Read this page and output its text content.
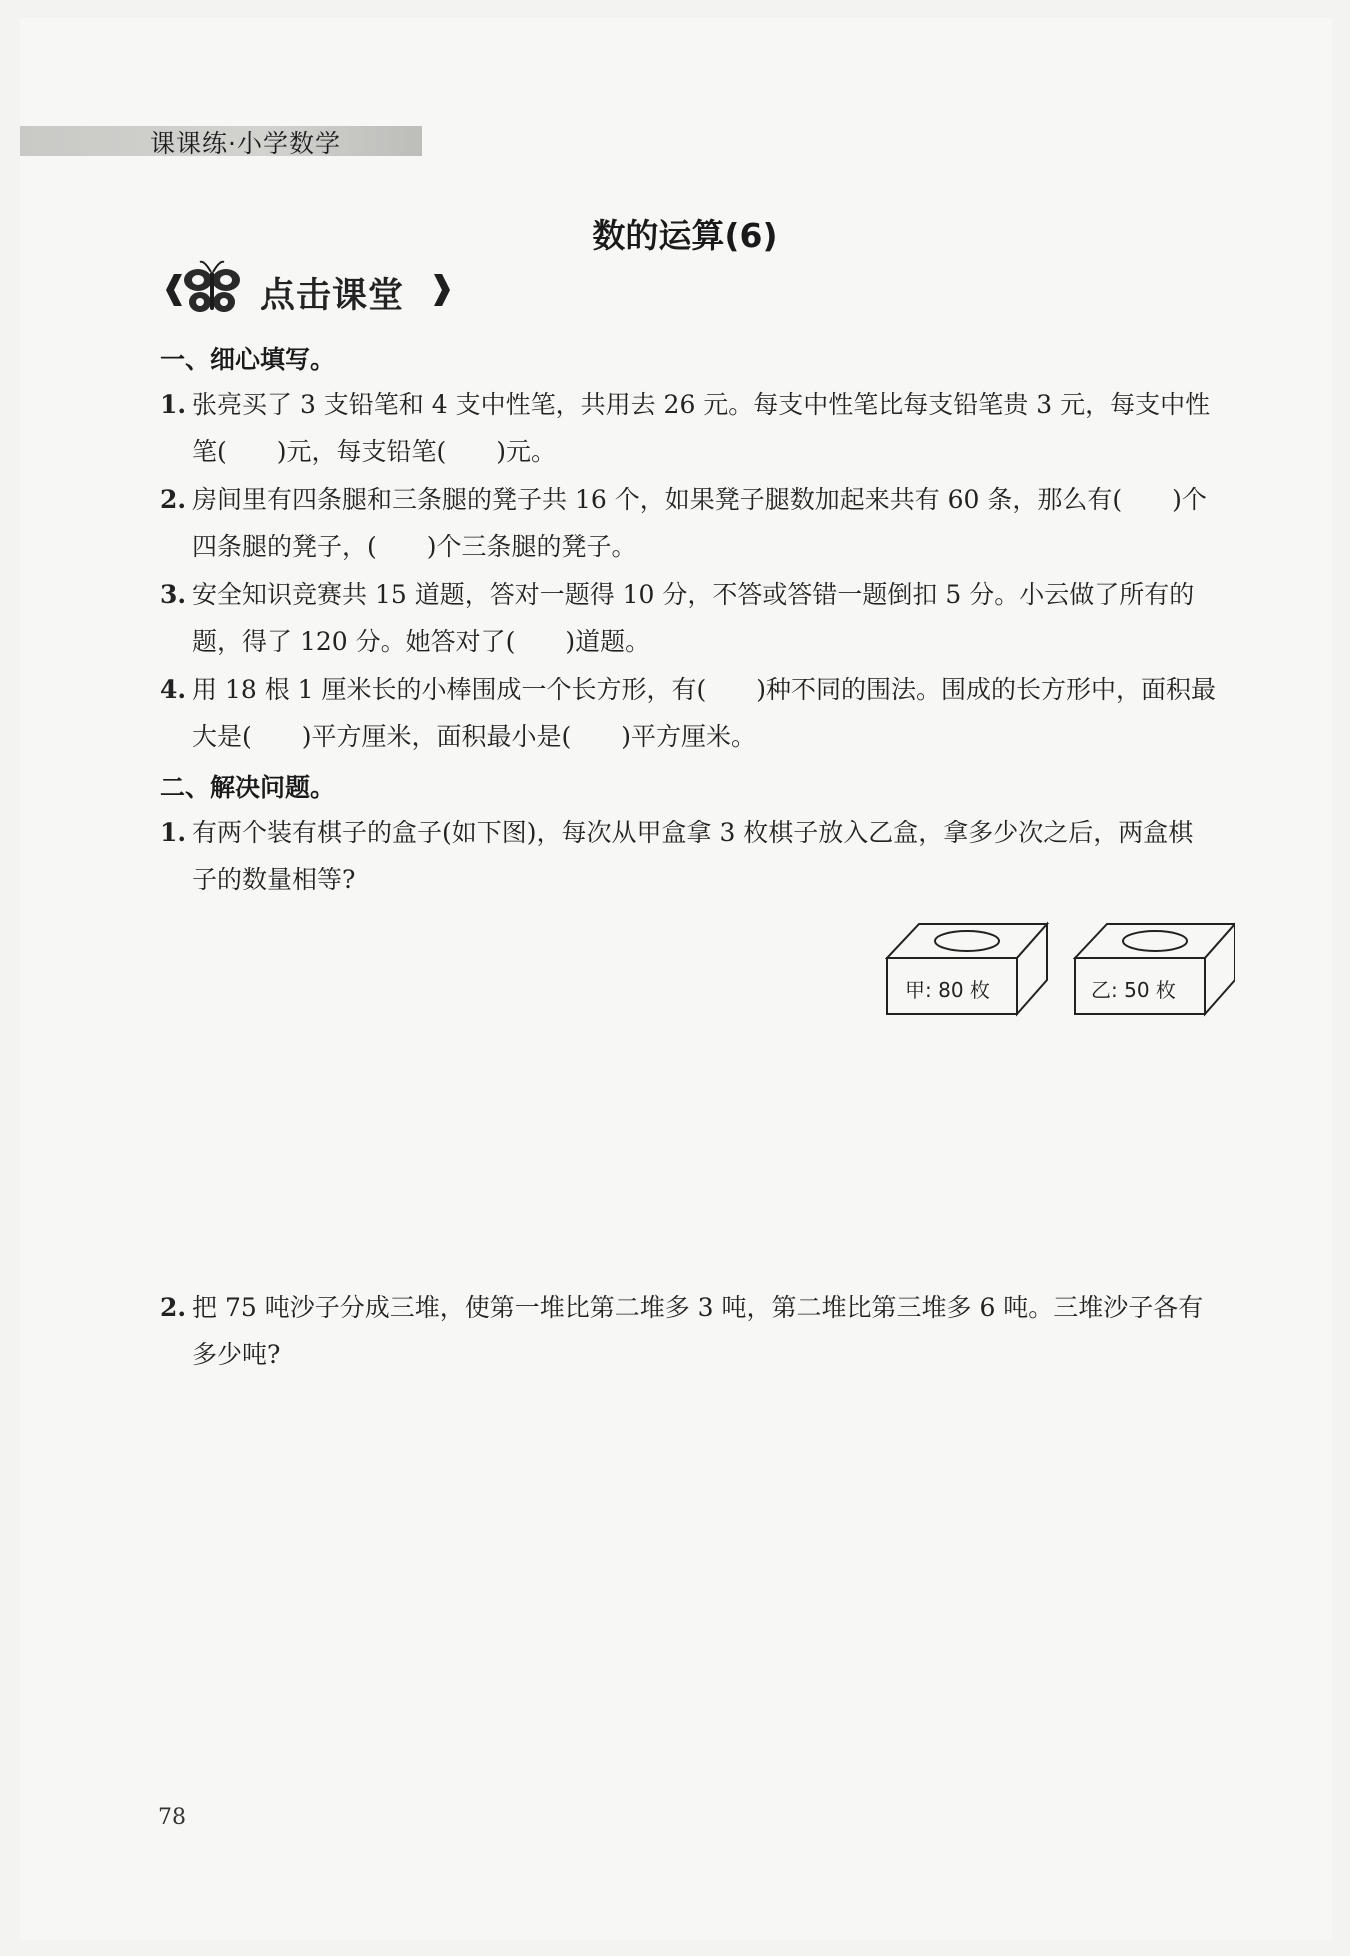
课课练·小学数学
数的运算(6)
点击课堂
一、细心填写。
1. 张亮买了 3 支铅笔和 4 支中性笔，共用去 26 元。每支中性笔比每支铅笔贵 3 元，每支中性笔(　　)元，每支铅笔(　　)元。
2. 房间里有四条腿和三条腿的凳子共 16 个，如果凳子腿数加起来共有 60 条，那么有(　　)个四条腿的凳子，(　　)个三条腿的凳子。
3. 安全知识竞赛共 15 道题，答对一题得 10 分，不答或答错一题倒扣 5 分。小云做了所有的题，得了 120 分。她答对了(　　)道题。
4. 用 18 根 1 厘米长的小棒围成一个长方形，有(　　)种不同的围法。围成的长方形中，面积最大是(　　)平方厘米，面积最小是(　　)平方厘米。
二、解决问题。
1. 有两个装有棋子的盒子(如下图)，每次从甲盒拿 3 枚棋子放入乙盒，拿多少次之后，两盒棋子的数量相等?
甲: 80 枚	乙: 50 枚
2. 把 75 吨沙子分成三堆，使第一堆比第二堆多 3 吨，第二堆比第三堆多 6 吨。三堆沙子各有多少吨?
78
